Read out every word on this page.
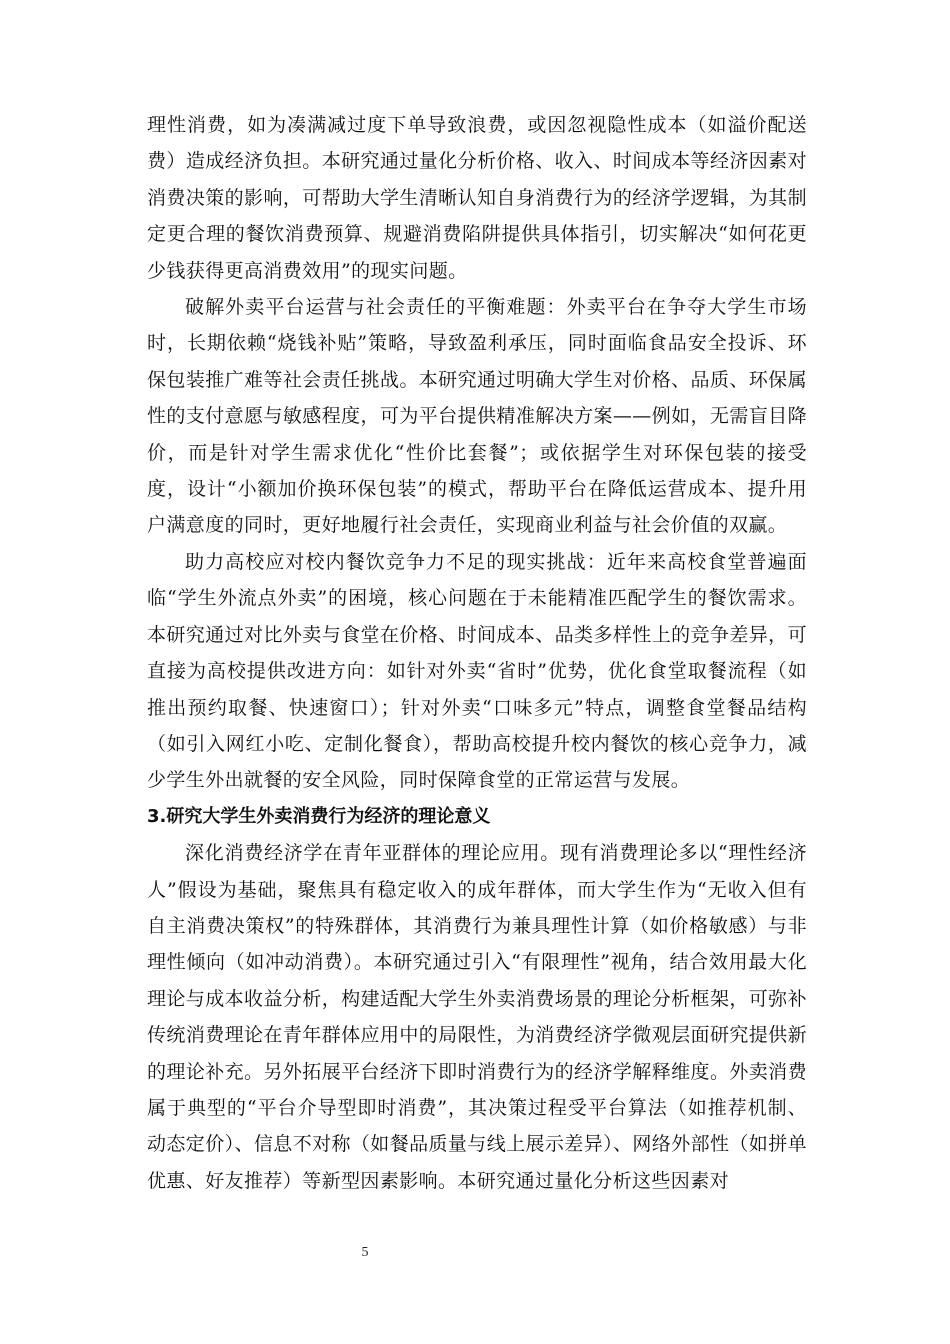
理性消费，如为凑满减过度下单导致浪费，或因忽视隐性成本（如溢价配送费）造成经济负担。本研究通过量化分析价格、收入、时间成本等经济因素对消费决策的影响，可帮助大学生清晰认知自身消费行为的经济学逻辑，为其制定更合理的餐饮消费预算、规避消费陷阱提供具体指引，切实解决“如何花更少钱获得更高消费效用”的现实问题。

破解外卖平台运营与社会责任的平衡难题：外卖平台在争夺大学生市场时，长期依赖“烧钱补贴”策略，导致盈利承压，同时面临食品安全投诉、环保包装推广难等社会责任挑战。本研究通过明确大学生对价格、品质、环保属性的支付意愿与敏感程度，可为平台提供精准解决方案——例如，无需盲目降价，而是针对学生需求优化“性价比套餐”；或依据学生对环保包装的接受度，设计“小额加价换环保包装”的模式，帮助平台在降低运营成本、提升用户满意度的同时，更好地履行社会责任，实现商业利益与社会价值的双赢。

助力高校应对校内餐饮竞争力不足的现实挑战：近年来高校食堂普遍面临“学生外流点外卖”的困境，核心问题在于未能精准匹配学生的餐饮需求。本研究通过对比外卖与食堂在价格、时间成本、品类多样性上的竞争差异，可直接为高校提供改进方向：如针对外卖“省时”优势，优化食堂取餐流程（如推出预约取餐、快速窗口）；针对外卖“口味多元”特点，调整食堂餐品结构（如引入网红小吃、定制化餐食），帮助高校提升校内餐饮的核心竞争力，减少学生外出就餐的安全风险，同时保障食堂的正常运营与发展。

3.研究大学生外卖消费行为经济的理论意义

深化消费经济学在青年亚群体的理论应用。现有消费理论多以“理性经济人”假设为基础，聚焦具有稳定收入的成年群体，而大学生作为“无收入但有自主消费决策权”的特殊群体，其消费行为兼具理性计算（如价格敏感）与非理性倾向（如冲动消费）。本研究通过引入“有限理性”视角，结合效用最大化理论与成本收益分析，构建适配大学生外卖消费场景的理论分析框架，可弥补传统消费理论在青年群体应用中的局限性，为消费经济学微观层面研究提供新的理论补充。另外拓展平台经济下即时消费行为的经济学解释维度。外卖消费属于典型的“平台介导型即时消费”，其决策过程受平台算法（如推荐机制、动态定价）、信息不对称（如餐品质量与线上展示差异）、网络外部性（如拼单优惠、好友推荐）等新型因素影响。本研究通过量化分析这些因素对

5
